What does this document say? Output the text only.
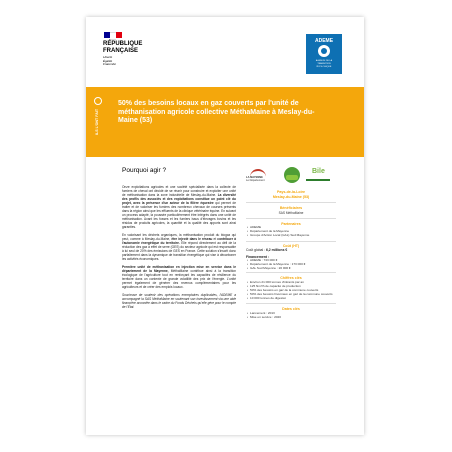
RÉPUBLIQUE
FRANÇAISE
Liberté
Égalité
Fraternité
ADEME
AGENCE DE LA
TRANSITION
ÉCOLOGIQUE
ILS L'ONT FAIT
50% des besoins locaux en gaz couverts par l'unité de méthanisation agricole collective MéthaMaine à Meslay-du-Maine (53)
Pourquoi agir ?

Onze exploitations agricoles et une société spécialisée dans la collecte de fumiers de cheval ont décidé de se réunir pour construire et exploiter une unité de méthanisation dans la zone industrielle de Meslay-du-Maine. La diversité des profils des associés et des exploitations constitue un point clé du projet, avec la présence d'un acteur de la filière équestre qui permet de traiter et de valoriser les fumiers des nombreux chevaux de courses présents dans la région ainsi que les effluents de la clinique vétérinaire équine. En suivant un process adapté, la poussée particulièrement être intégrés dans une unité de méthanisation. Avant les fosses et les fumiers issus d'élevages bovins et les résidus de produits agricoles, la quantité et la qualité des apports sont ainsi garanties.

En valorisant les déchets organiques, la méthanisation produit du biogaz qui peut, comme à Meslay-du-Maine, être injecté dans le réseau et contribuer à l'autonomie énergétique du territoire. Elle répond directement au défi de la réduction des gaz à effet de serre (GES) du secteur agricole qui est responsable à lui seul de 20% des émissions de GES en France. Cette solution s'inscrit donc parfaitement dans la dynamique de transition énergétique qui vise à décarboner les activités économiques.

Première unité de méthanisation en injection mise en service dans le département de la Mayenne, MéthaMaine contribue ainsi à la transition écologique de l'agriculture tout en renforçant les capacités de résilience du territoire dans un contexte de grande volatilité des prix de l'énergie. L'unité permet également de générer des revenus complémentaires pour les agriculteurs et de créer des emplois locaux.

Soucieuse de soutenir des opérations exemplaires duplicables, l'ADEME a accompagné la SAS MéthaMaine en soutenant son investissement via une aide financière accordée dans le cadre du Fonds Déchets qu'elle gère pour le compte de l'État.

LA MAYENNE
Le Département
Bile
Pays-de-la-Loire
Meslay-du-Maine (53)
Bénéficiaires
SAS MéthaMaine
Partenaires
• ADEME
• Département de la Mayenne
• Groupe d'Action Local (GAL) Sud Mayenne
Coût (HT)
Coût global : 6,2 millions €
Financement :
• ADEME : 743 000 €
• Département de la Mayenne : 173 000 €
• GAL Sud Mayenne : 20 000 €
Chiffres clés
• Environ 21 000 tonnes d'intrants par an
• 125 Nm³/h de capacité de production
• 50% des besoins en gaz de la commune couverts
• 50% des besoins hivernaux en gaz de la commune couverts
• 10 000 tonnes de digestat
Dates clés
• Lancement : 2013
• Mise en service : 2020
